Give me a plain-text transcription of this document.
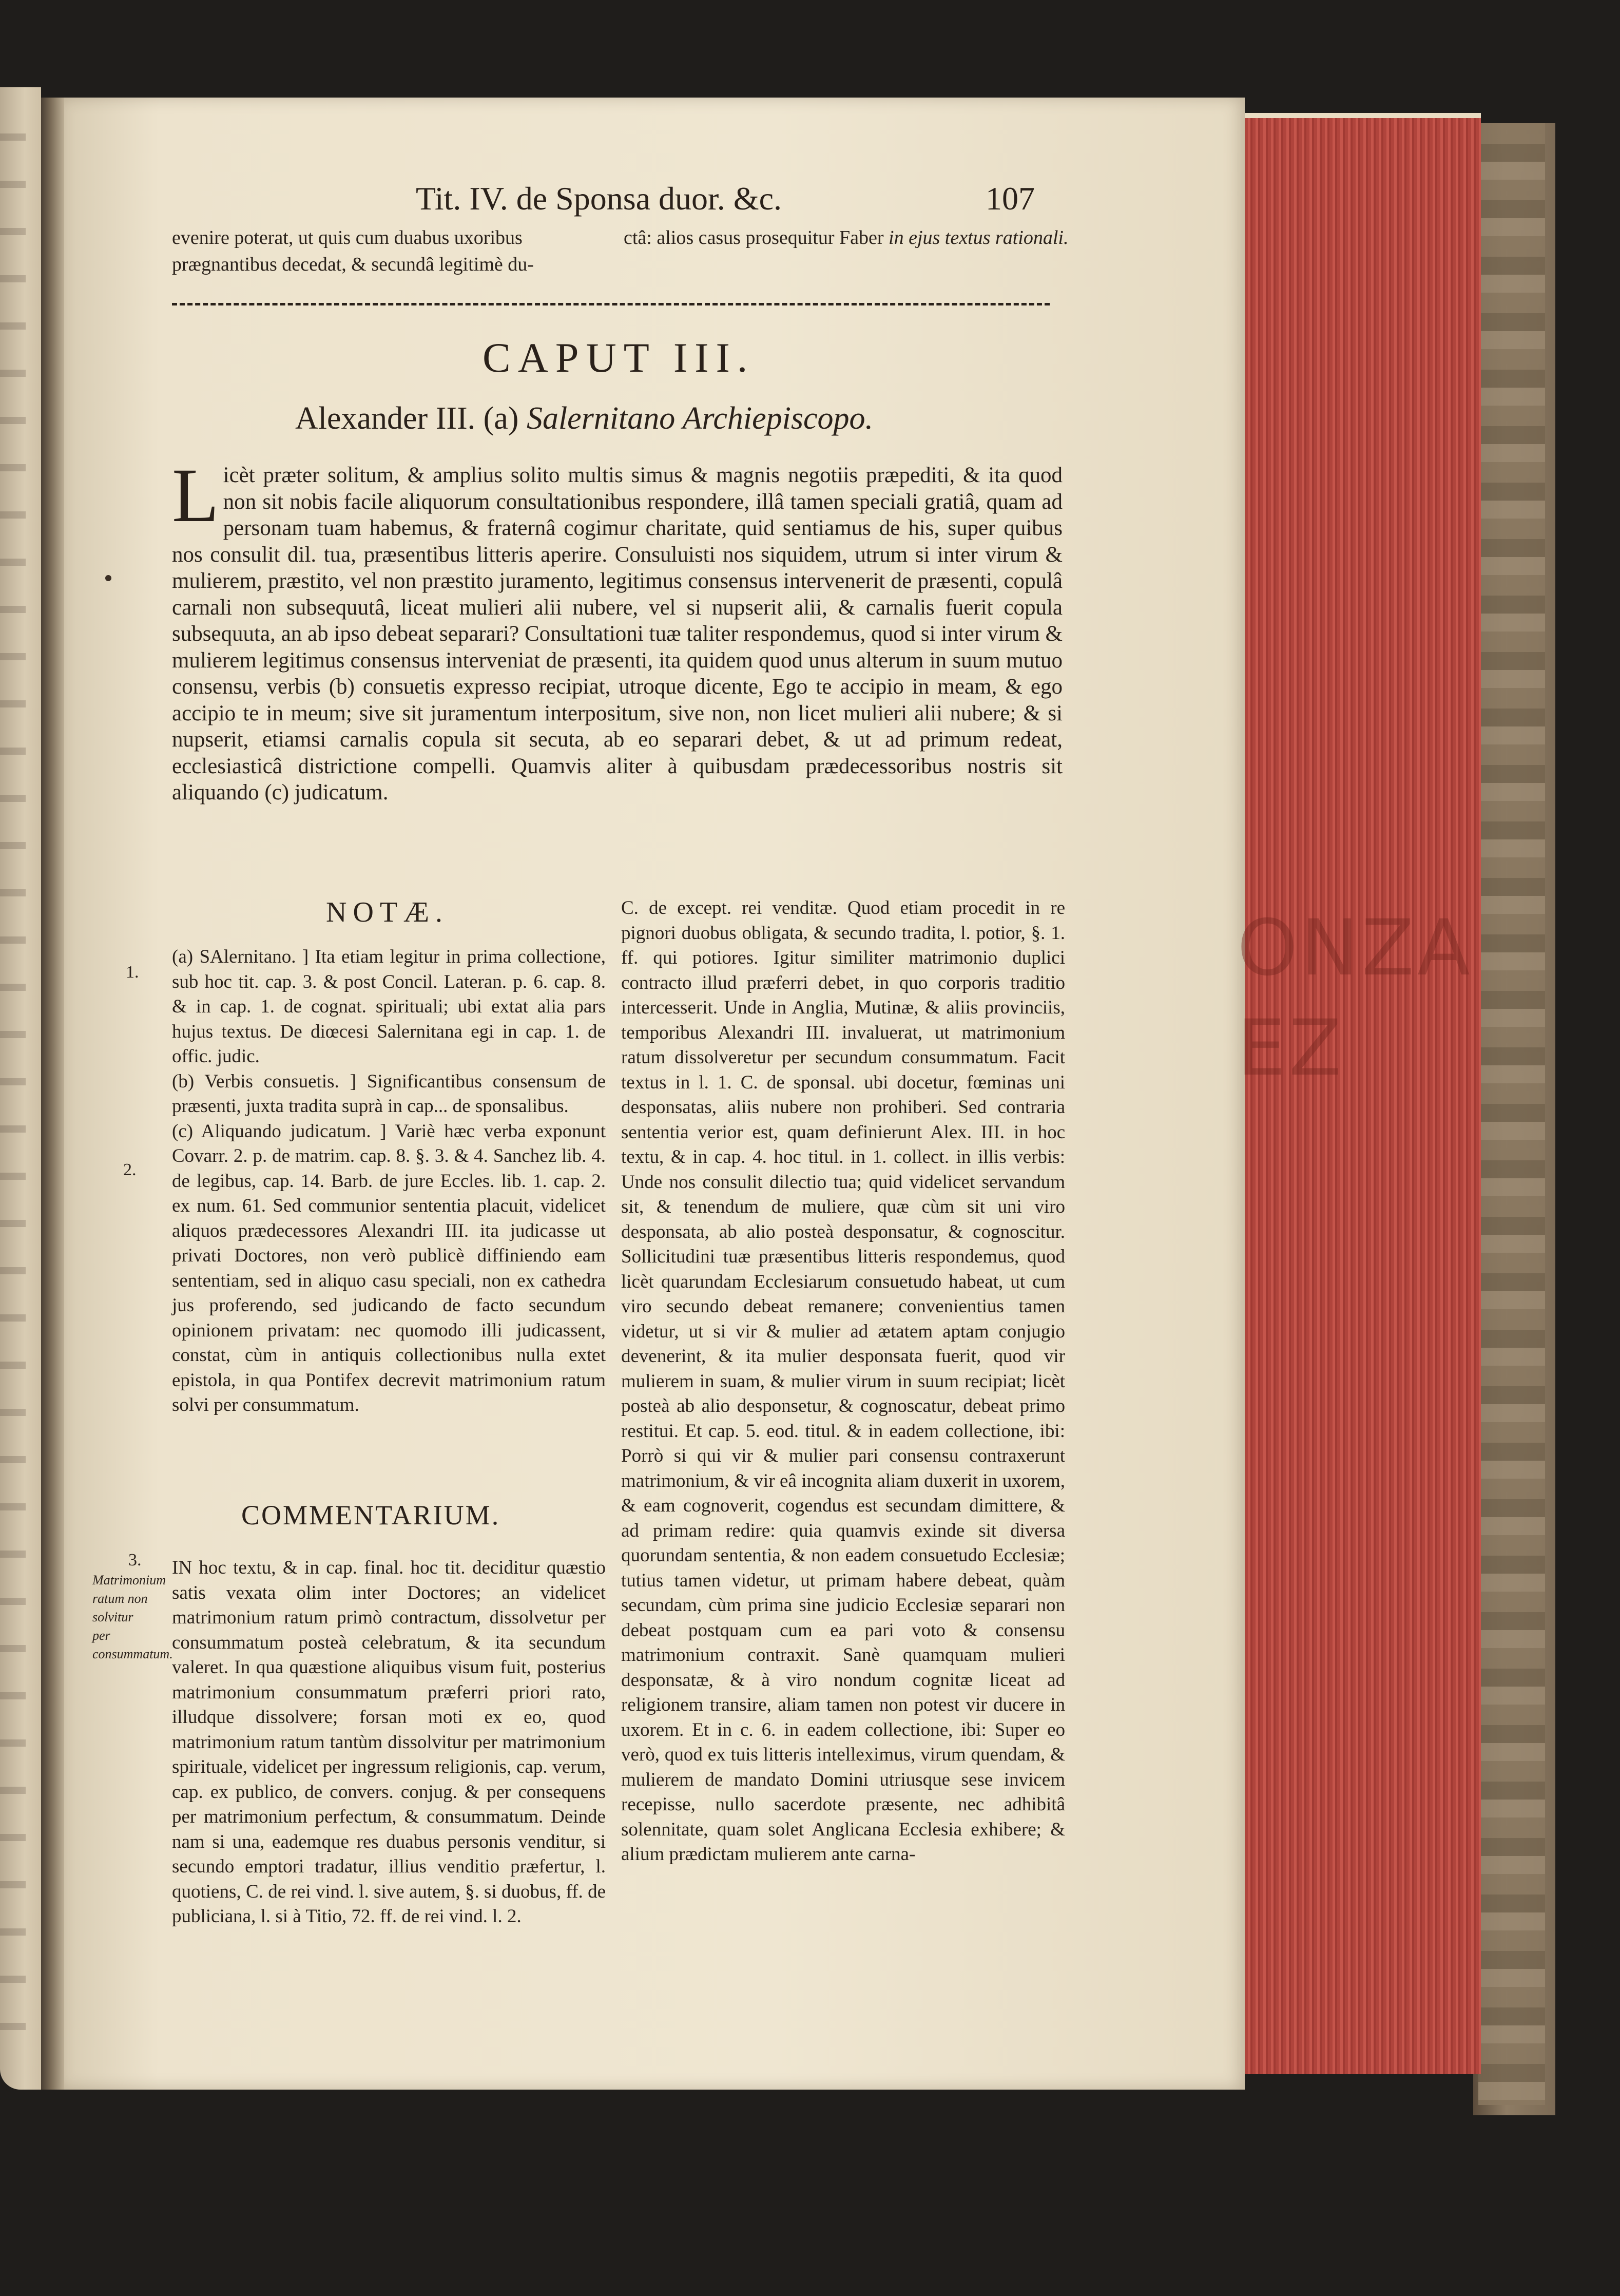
ONZA EZ
Tit. IV. de Sponsa duor. &c.	107
evenire poterat, ut quis cum duabus uxoribus prægnantibus decedat, & secundâ legitimè du-
ctâ: alios casus prosequitur Faber in ejus textus rationali.
CAPUT III.
Alexander III. (a) Salernitano Archiepiscopo.
Licèt præter solitum, & amplius solito multis simus & magnis negotiis præpediti, & ita quod non sit nobis facile aliquorum consultationibus respondere, illâ tamen speciali gratiâ, quam ad personam tuam habemus, & fraternâ cogimur charitate, quid sentiamus de his, super quibus nos consulit dil. tua, præsentibus litteris aperire. Consuluisti nos siquidem, utrum si inter virum & mulierem, præstito, vel non præstito juramento, legitimus consensus intervenerit de præsenti, copulâ carnali non subsequutâ, liceat mulieri alii nubere, vel si nupserit alii, & carnalis fuerit copula subsequuta, an ab ipso debeat separari? Consultationi tuæ taliter respondemus, quod si inter virum & mulierem legitimus consensus interveniat de præsenti, ita quidem quod unus alterum in suum mutuo consensu, verbis (b) consuetis expresso recipiat, utroque dicente, Ego te accipio in meam, & ego accipio te in meum; sive sit juramentum interpositum, sive non, non licet mulieri alii nubere; & si nupserit, etiamsi carnalis copula sit secuta, ab eo separari debet, & ut ad primum redeat, ecclesiasticâ districtione compelli. Quamvis aliter à quibusdam prædecessoribus nostris sit aliquando (c) judicatum.
NOTÆ.

(a) SAlernitano. ] Ita etiam legitur in prima collectione, sub hoc tit. cap. 3. & post Concil. Lateran. p. 6. cap. 8. & in cap. 1. de cognat. spirituali; ubi extat alia pars hujus textus. De diœcesi Salernitana egi in cap. 1. de offic. judic.

(b) Verbis consuetis. ] Significantibus consensum de præsenti, juxta tradita suprà in cap... de sponsalibus.

(c) Aliquando judicatum. ] Variè hæc verba exponunt Covarr. 2. p. de matrim. cap. 8. §. 3. & 4. Sanchez lib. 4. de legibus, cap. 14. Barb. de jure Eccles. lib. 1. cap. 2. ex num. 61. Sed communior sententia placuit, videlicet aliquos prædecessores Alexandri III. ita judicasse ut privati Doctores, non verò publicè diffiniendo eam sententiam, sed in aliquo casu speciali, non ex cathedra jus proferendo, sed judicando de facto secundum opinionem privatam: nec quomodo illi judicassent, constat, cùm in antiquis collectionibus nulla extet epistola, in qua Pontifex decrevit matrimonium ratum solvi per consummatum.

COMMENTARIUM.

IN hoc textu, & in cap. final. hoc tit. deciditur quæstio satis vexata olim inter Doctores; an videlicet matrimonium ratum primò contractum, dissolvetur per consummatum posteà celebratum, & ita secundum valeret. In qua quæstione aliquibus visum fuit, posterius matrimonium consummatum præferri priori rato, illudque dissolvere; forsan moti ex eo, quod matrimonium ratum tantùm dissolvitur per matrimonium spirituale, videlicet per ingressum religionis, cap. verum, cap. ex publico, de convers. conjug. & per consequens per matrimonium perfectum, & consummatum. Deinde nam si una, eademque res duabus personis venditur, si secundo emptori tradatur, illius venditio præfertur, l. quotiens, C. de rei vind. l. sive autem, §. si duobus, ff. de publiciana, l. si à Titio, 72. ff. de rei vind. l. 2.

C. de except. rei venditæ. Quod etiam procedit in re pignori duobus obligata, & secundo tradita, l. potior, §. 1. ff. qui potiores. Igitur similiter matrimonio duplici contracto illud præferri debet, in quo corporis traditio intercesserit. Unde in Anglia, Mutinæ, & aliis provinciis, temporibus Alexandri III. invaluerat, ut matrimonium ratum dissolveretur per secundum consummatum. Facit textus in l. 1. C. de sponsal. ubi docetur, fœminas uni desponsatas, aliis nubere non prohiberi. Sed contraria sententia verior est, quam definierunt Alex. III. in hoc textu, & in cap. 4. hoc titul. in 1. collect. in illis verbis: Unde nos consulit dilectio tua; quid videlicet servandum sit, & tenendum de muliere, quæ cùm sit uni viro desponsata, ab alio posteà desponsatur, & cognoscitur. Sollicitudini tuæ præsentibus litteris respondemus, quod licèt quarundam Ecclesiarum consuetudo habeat, ut cum viro secundo debeat remanere; convenientius tamen videtur, ut si vir & mulier ad ætatem aptam conjugio devenerint, & ita mulier desponsata fuerit, quod vir mulierem in suam, & mulier virum in suum recipiat; licèt posteà ab alio desponsetur, & cognoscatur, debeat primo restitui. Et cap. 5. eod. titul. & in eadem collectione, ibi: Porrò si qui vir & mulier pari consensu contraxerunt matrimonium, & vir eâ incognita aliam duxerit in uxorem, & eam cognoverit, cogendus est secundam dimittere, & ad primam redire: quia quamvis exinde sit diversa quorundam sententia, & non eadem consuetudo Ecclesiæ; tutius tamen videtur, ut primam habere debeat, quàm secundam, cùm prima sine judicio Ecclesiæ separari non debeat postquam cum ea pari voto & consensu matrimonium contraxit. Sanè quamquam mulieri desponsatæ, & à viro nondum cognitæ liceat ad religionem transire, aliam tamen non potest vir ducere in uxorem. Et in c. 6. in eadem collectione, ibi: Super eo verò, quod ex tuis litteris intelleximus, virum quendam, & mulierem de mandato Domini utriusque sese invicem recepisse, nullo sacerdote præsente, nec adhibitâ solennitate, quam solet Anglicana Ecclesia exhibere; & alium prædictam mulierem ante carna-

1.
2.
3.
Matrimonium ratum non solvitur per consummatum.
